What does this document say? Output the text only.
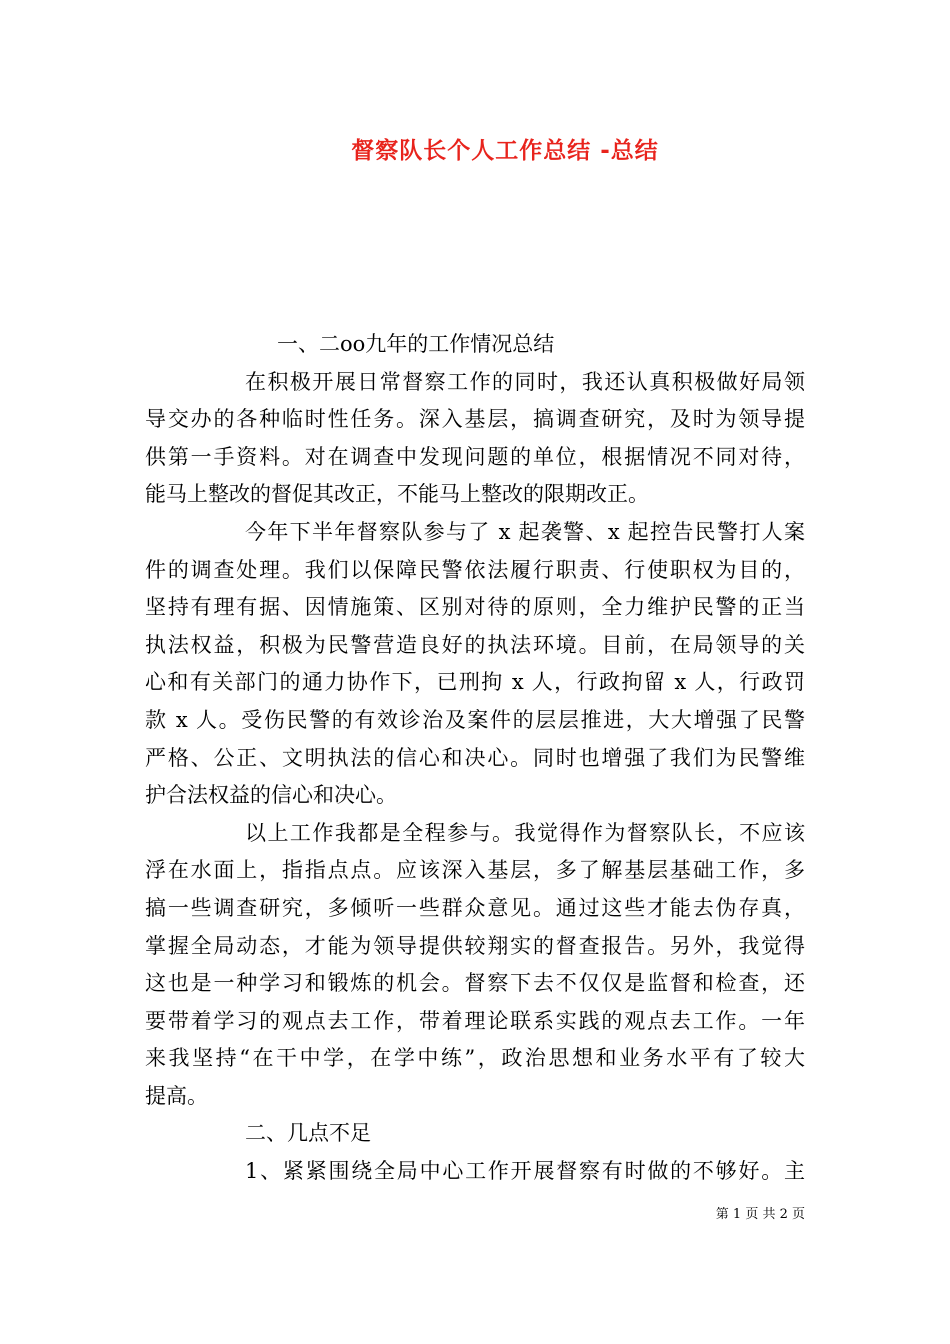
督察队长个人工作总结 -总结
一、二oo九年的工作情况总结
在积极开展日常督察工作的同时，我还认真积极做好局领
导交办的各种临时性任务。深入基层，搞调查研究，及时为领导提
供第一手资料。对在调查中发现问题的单位，根据情况不同对待，
能马上整改的督促其改正，不能马上整改的限期改正。
今年下半年督察队参与了 x 起袭警、x 起控告民警打人案
件的调查处理。我们以保障民警依法履行职责、行使职权为目的，
坚持有理有据、因情施策、区别对待的原则，全力维护民警的正当
执法权益，积极为民警营造良好的执法环境。目前，在局领导的关
心和有关部门的通力协作下，已刑拘 x 人，行政拘留 x 人，行政罚
款 x 人。受伤民警的有效诊治及案件的层层推进，大大增强了民警
严格、公正、文明执法的信心和决心。同时也增强了我们为民警维
护合法权益的信心和决心。
以上工作我都是全程参与。我觉得作为督察队长，不应该
浮在水面上，指指点点。应该深入基层，多了解基层基础工作，多
搞一些调查研究，多倾听一些群众意见。通过这些才能去伪存真，
掌握全局动态，才能为领导提供较翔实的督查报告。另外，我觉得
这也是一种学习和锻炼的机会。督察下去不仅仅是监督和检查，还
要带着学习的观点去工作，带着理论联系实践的观点去工作。一年
来我坚持“在干中学，在学中练”，政治思想和业务水平有了较大
提高。
二、几点不足
1、紧紧围绕全局中心工作开展督察有时做的不够好。主
第 1 页 共 2 页
